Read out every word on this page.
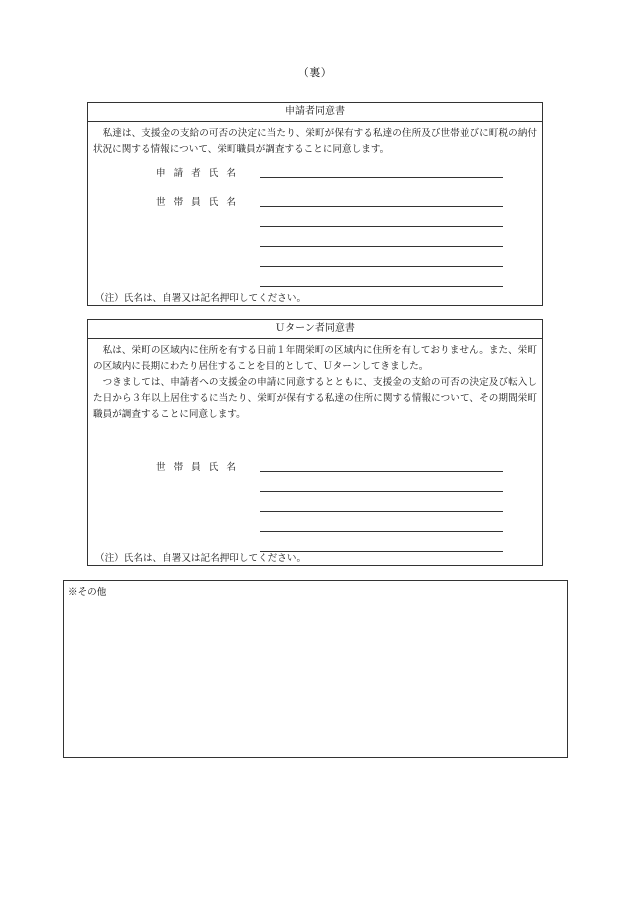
（裏）
申請者同意書
　私達は、支援金の支給の可否の決定に当たり、栄町が保有する私達の住所及び世帯並びに町税の納付状況に関する情報について、栄町職員が調査することに同意します。
申請者氏名
世帯員氏名
（注）氏名は、自署又は記名押印してください。
Ｕターン者同意書
　私は、栄町の区域内に住所を有する日前１年間栄町の区域内に住所を有しておりません。また、栄町の区域内に長期にわたり居住することを目的として、Ｕターンしてきました。
　つきましては、申請者への支援金の申請に同意するとともに、支援金の支給の可否の決定及び転入した日から３年以上居住するに当たり、栄町が保有する私達の住所に関する情報について、その期間栄町職員が調査することに同意します。
世帯員氏名
（注）氏名は、自署又は記名押印してください。
※その他
